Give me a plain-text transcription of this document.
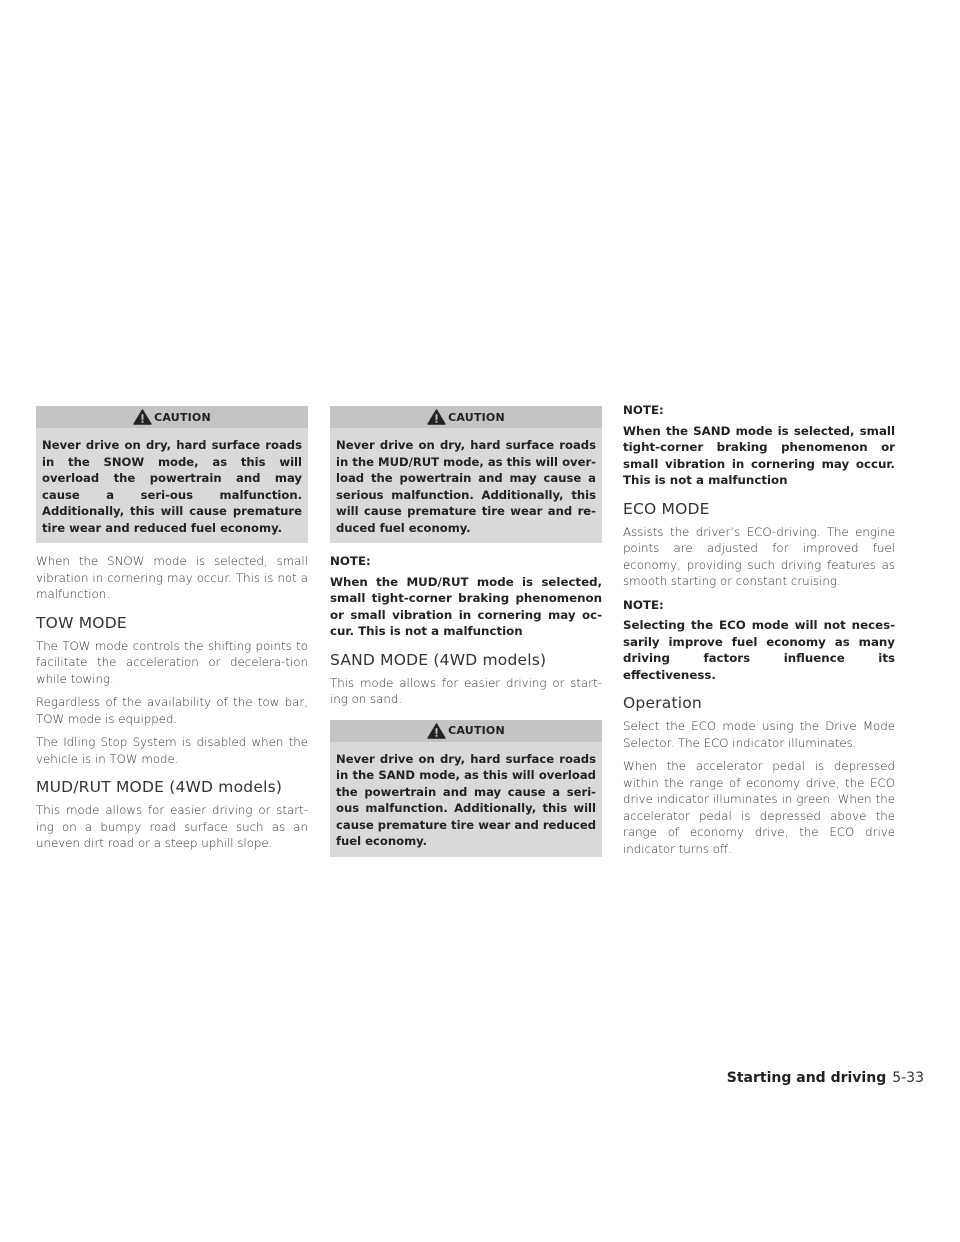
CAUTION
Never drive on dry, hard surface roads in the SNOW mode, as this will overload the powertrain and may cause a seri-ous malfunction. Additionally, this will cause premature tire wear and reduced fuel economy.

When the SNOW mode is selected, small vibration in cornering may occur. This is not a malfunction.

TOW MODE

The TOW mode controls the shifting points to facilitate the acceleration or decelera-tion while towing.

Regardless of the availability of the tow bar, TOW mode is equipped.

The Idling Stop System is disabled when the vehicle is in TOW mode.

MUD/RUT MODE (4WD models)

This mode allows for easier driving or start-ing on a bumpy road surface such as an uneven dirt road or a steep uphill slope.

CAUTION
Never drive on dry, hard surface roads in the MUD/RUT mode, as this will over-load the powertrain and may cause a serious malfunction. Additionally, this will cause premature tire wear and re-duced fuel economy.

NOTE:

When the MUD/RUT mode is selected, small tight-corner braking phenomenon or small vibration in cornering may oc-cur. This is not a malfunction

SAND MODE (4WD models)

This mode allows for easier driving or start-ing on sand.

CAUTION
Never drive on dry, hard surface roads in the SAND mode, as this will overload the powertrain and may cause a seri-ous malfunction. Additionally, this will cause premature tire wear and reduced fuel economy.

NOTE:

When the SAND mode is selected, small tight-corner braking phenomenon or small vibration in cornering may occur. This is not a malfunction

ECO MODE

Assists the driver’s ECO-driving. The engine points are adjusted for improved fuel economy, providing such driving features as smooth starting or constant cruising.

NOTE:

Selecting the ECO mode will not neces-sarily improve fuel economy as many driving factors influence its effectiveness.

Operation

Select the ECO mode using the Drive Mode Selector. The ECO indicator illuminates.

When the accelerator pedal is depressed within the range of economy drive, the ECO drive indicator illuminates in green. When the accelerator pedal is depressed above the range of economy drive, the ECO drive indicator turns off.

Starting and driving 5-33
